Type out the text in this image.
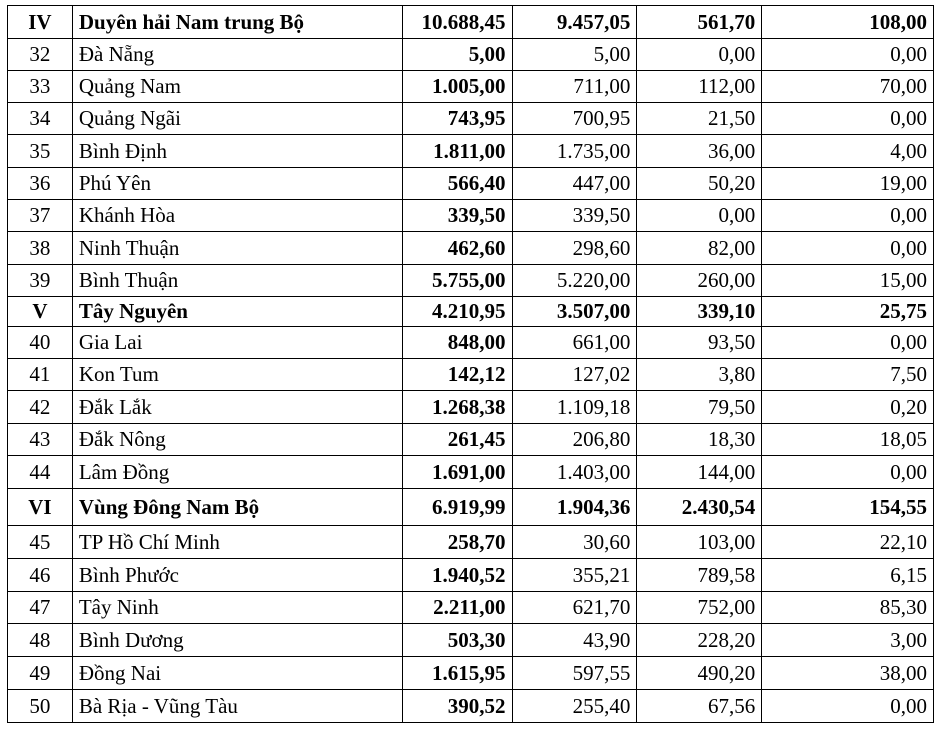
IV	Duyên hải Nam trung Bộ	10.688,45	9.457,05	561,70	108,00
32	Đà Nẵng	5,00	5,00	0,00	0,00
33	Quảng Nam	1.005,00	711,00	112,00	70,00
34	Quảng Ngãi	743,95	700,95	21,50	0,00
35	Bình Định	1.811,00	1.735,00	36,00	4,00
36	Phú Yên	566,40	447,00	50,20	19,00
37	Khánh Hòa	339,50	339,50	0,00	0,00
38	Ninh Thuận	462,60	298,60	82,00	0,00
39	Bình Thuận	5.755,00	5.220,00	260,00	15,00
V	Tây Nguyên	4.210,95	3.507,00	339,10	25,75
40	Gia Lai	848,00	661,00	93,50	0,00
41	Kon Tum	142,12	127,02	3,80	7,50
42	Đắk Lắk	1.268,38	1.109,18	79,50	0,20
43	Đắk Nông	261,45	206,80	18,30	18,05
44	Lâm Đồng	1.691,00	1.403,00	144,00	0,00
VI	Vùng Đông Nam Bộ	6.919,99	1.904,36	2.430,54	154,55
45	TP Hồ Chí Minh	258,70	30,60	103,00	22,10
46	Bình Phước	1.940,52	355,21	789,58	6,15
47	Tây Ninh	2.211,00	621,70	752,00	85,30
48	Bình Dương	503,30	43,90	228,20	3,00
49	Đồng Nai	1.615,95	597,55	490,20	38,00
50	Bà Rịa - Vũng Tàu	390,52	255,40	67,56	0,00
